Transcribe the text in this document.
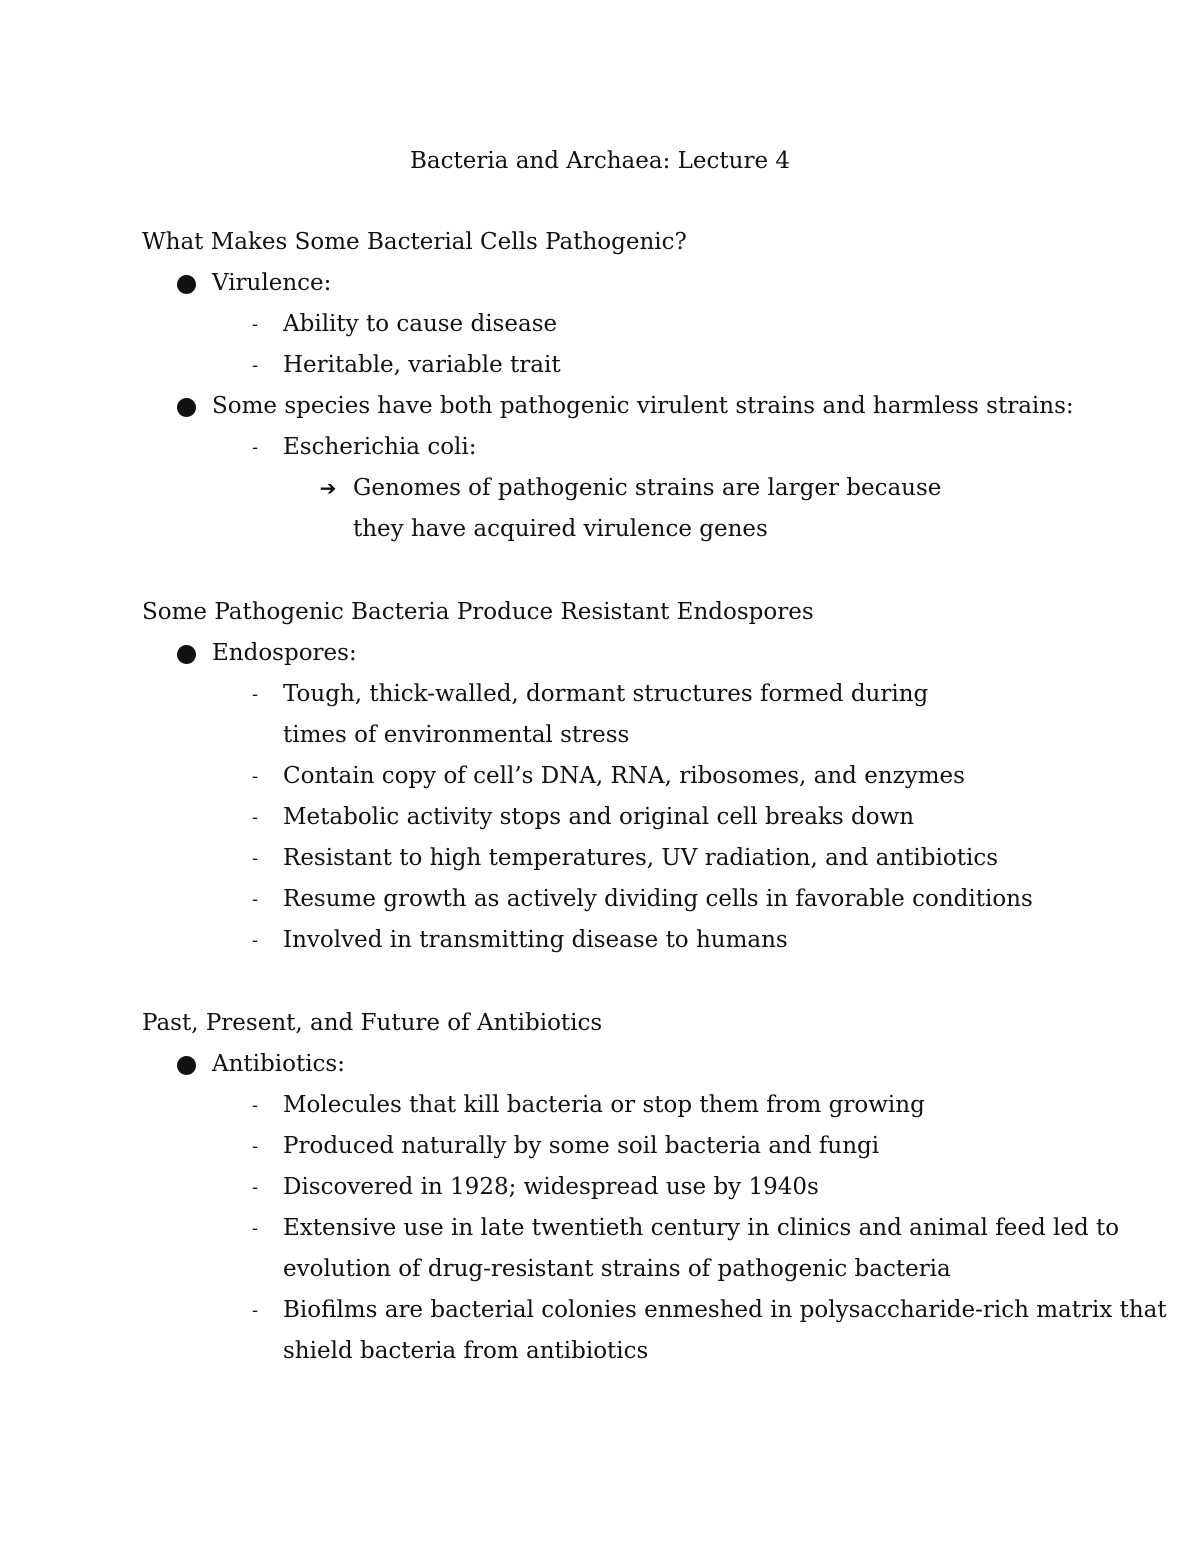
Bacteria and Archaea: Lecture 4
What Makes Some Bacterial Cells Pathogenic?
Virulence:
-	Ability to cause disease
-	Heritable, variable trait
Some species have both pathogenic virulent strains and harmless strains:
-	Escherichia coli:
➔ Genomes of pathogenic strains are larger because they have acquired virulence genes
Some Pathogenic Bacteria Produce Resistant Endospores
Endospores:
-	Tough, thick-walled, dormant structures formed during times of environmental stress
-	Contain copy of cell’s DNA, RNA, ribosomes, and enzymes
-	Metabolic activity stops and original cell breaks down
-	Resistant to high temperatures, UV radiation, and antibiotics
-	Resume growth as actively dividing cells in favorable conditions
-	Involved in transmitting disease to humans
Past, Present, and Future of Antibiotics
Antibiotics:
-	Molecules that kill bacteria or stop them from growing
-	Produced naturally by some soil bacteria and fungi
-	Discovered in 1928; widespread use by 1940s
-	Extensive use in late twentieth century in clinics and animal feed led to evolution of drug-resistant strains of pathogenic bacteria
-	Biofilms are bacterial colonies enmeshed in polysaccharide-rich matrix that shield bacteria from antibiotics
